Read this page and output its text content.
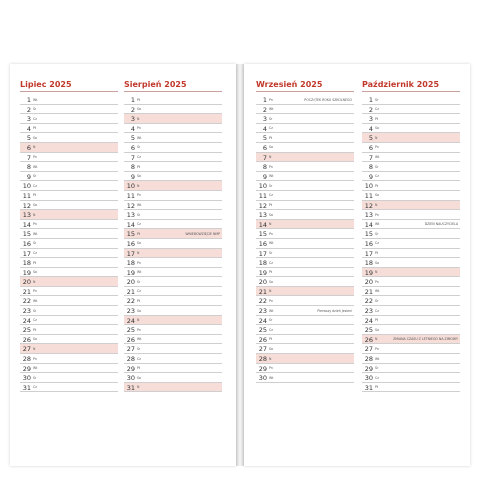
Lipiec 2025
1 Wt
2 Śr
3 Cz
4 Pt
5 So
6 N
7 Pn
8 Wt
9 Śr
10 Cz
11 Pt
12 So
13 N
14 Pn
15 Wt
16 Śr
17 Cz
18 Pt
19 So
20 N
21 Pn
22 Wt
23 Śr
24 Cz
25 Pt
26 So
27 N
28 Pn
29 Wt
30 Śr
31 Cz
Sierpień 2025
1 Pt
2 So
3 N
4 Pn
5 Wt
6 Śr
7 Cz
8 Pt
9 So
10 N
11 Pn
12 Wt
13 Śr
14 Cz
15 Pt	WNIEBOWZIĘCIE NMP
16 So
17 N
18 Pn
19 Wt
20 Śr
21 Cz
22 Pt
23 So
24 N
25 Pn
26 Wt
27 Śr
28 Cz
29 Pt
30 So
31 N
Wrzesień 2025
1 Pn	POCZĄTEK ROKU SZKOLNEGO
2 Wt
3 Śr
4 Cz
5 Pt
6 So
7 N
8 Pn
9 Wt
10 Śr
11 Cz
12 Pt
13 So
14 N
15 Pn
16 Wt
17 Śr
18 Cz
19 Pt
20 So
21 N
22 Pn
23 Wt	Pierwszy dzień jesieni
24 Śr
25 Cz
26 Pt
27 So
28 N
29 Pn
30 Wt
Październik 2025
1 Śr
2 Cz
3 Pt
4 So
5 N
6 Pn
7 Wt
8 Śr
9 Cz
10 Pt
11 So
12 N
13 Pn
14 Wt	DZIEŃ NAUCZYCIELA
15 Śr
16 Cz
17 Pt
18 So
19 N
20 Pn
21 Wt
22 Śr
23 Cz
24 Pt
25 So
26 N	ZMIANA CZASU Z LETNIEGO NA ZIMOWY
27 Pn
28 Wt
29 Śr
30 Cz
31 Pt
